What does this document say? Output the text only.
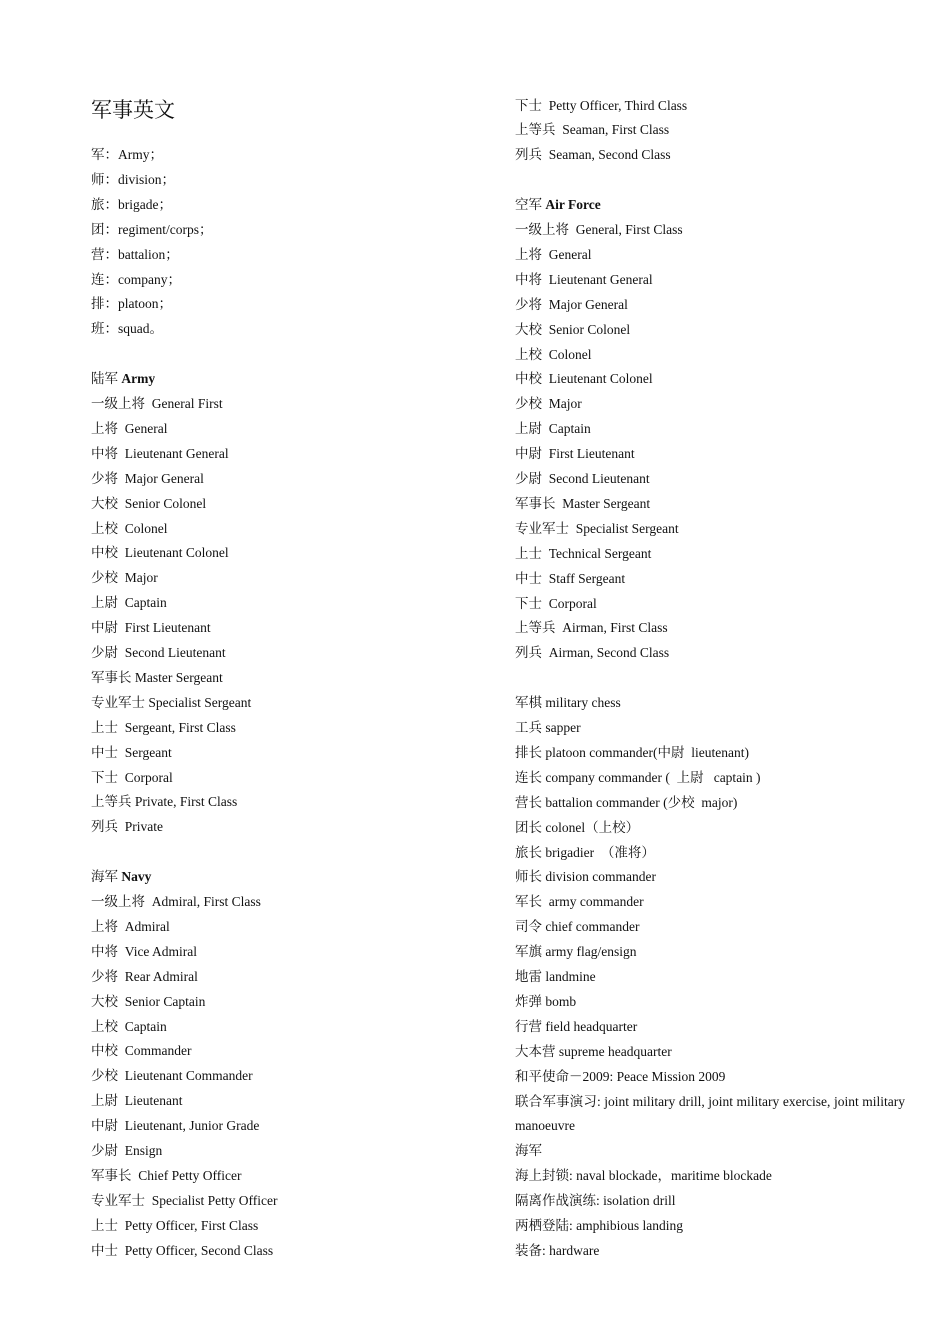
军事英文
军：Army；
师：division；
旅：brigade；
团：regiment/corps；
营：battalion；
连：company；
排：platoon；
班：squad。
陆军 Army
一级上将  General First
上将  General
中将  Lieutenant General
少将  Major General
大校  Senior Colonel
上校  Colonel
中校  Lieutenant Colonel
少校  Major
上尉  Captain
中尉  First Lieutenant
少尉  Second Lieutenant
军事长 Master Sergeant
专业军士 Specialist Sergeant
上士  Sergeant, First Class
中士  Sergeant
下士  Corporal
上等兵 Private, First Class
列兵  Private
海军 Navy
一级上将  Admiral, First Class
上将  Admiral
中将  Vice Admiral
少将  Rear Admiral
大校  Senior Captain
上校  Captain
中校  Commander
少校  Lieutenant Commander
上尉  Lieutenant
中尉  Lieutenant, Junior Grade
少尉  Ensign
军事长  Chief Petty Officer
专业军士  Specialist Petty Officer
上士  Petty Officer, First Class
中士  Petty Officer, Second Class
下士  Petty Officer, Third Class
上等兵  Seaman, First Class
列兵  Seaman, Second Class
空军 Air Force
一级上将  General, First Class
上将  General
中将  Lieutenant General
少将  Major General
大校  Senior Colonel
上校  Colonel
中校  Lieutenant Colonel
少校  Major
上尉  Captain
中尉  First Lieutenant
少尉  Second Lieutenant
军事长  Master Sergeant
专业军士  Specialist Sergeant
上士  Technical Sergeant
中士  Staff Sergeant
下士  Corporal
上等兵  Airman, First Class
列兵  Airman, Second Class
军棋 military chess
工兵 sapper
排长 platoon commander(中尉  lieutenant)
连长 company commander (  上尉   captain )
营长 battalion commander (少校  major)
团长 colonel（上校）
旅长 brigadier  （准将）
师长 division commander
军长  army commander
司令 chief commander
军旗 army flag/ensign
地雷 landmine
炸弹 bomb
行营 field headquarter
大本营 supreme headquarter
和平使命－2009: Peace Mission 2009
联合军事演习: joint military drill, joint military exercise, joint military manoeuvre
海军
海上封锁: naval blockade，maritime blockade
隔离作战演练: isolation drill
两栖登陆: amphibious landing
装备: hardware
